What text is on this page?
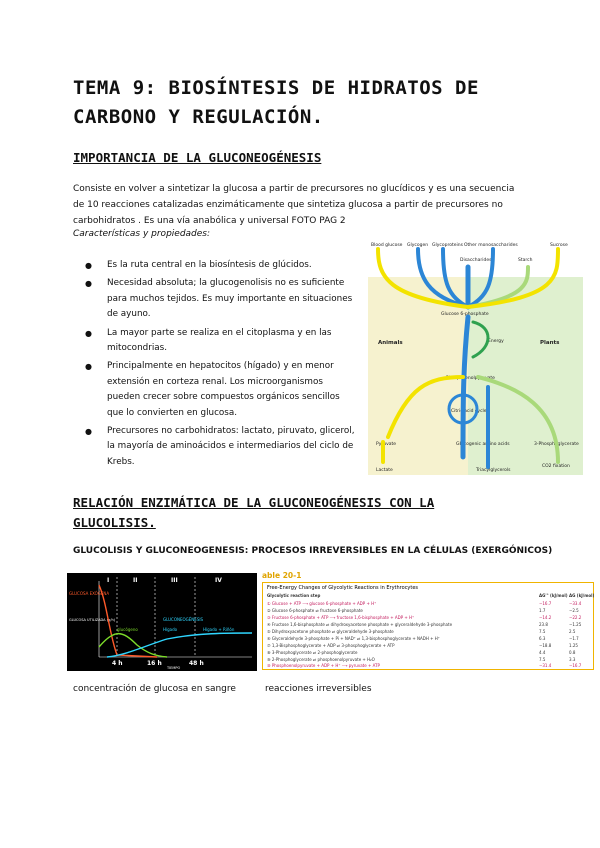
TEMA 9: BIOSÍNTESIS DE HIDRATOS DE CARBONO Y REGULACIÓN.
IMPORTANCIA DE LA GLUCONEOGÉNESIS
Consiste en volver a sintetizar la glucosa a partir de precursores no glucídicos y es una secuencia de 10 reacciones catalizadas enzimáticamente que sintetiza glucosa a partir de precursores no carbohidratos . Es una vía anabólica y universal FOTO PAG 2
Características y propiedades:
● Es la ruta central en la biosíntesis de glúcidos.
● Necesidad absoluta; la glucogenolisis no es suficiente para muchos tejidos. Es muy importante en situaciones de ayuno.
● La mayor parte se realiza en el citoplasma y en las mitocondrias.
● Principalmente en hepatocitos (hígado) y en menor extensión en corteza renal. Los microorganismos pueden crecer sobre compuestos orgánicos sencillos que lo convierten en glucosa.
● Precursores no carbohidratos: lactato, piruvato, glicerol, la mayoría de aminoácidos e intermediarios del ciclo de Krebs.
Blood glucose Glycogen Glycoproteins Other monosaccharides
Disaccharides	Starch
Sucrose
Glucose 6-phosphate
Energy
Phosphoenolpyruvate
Citric acid cycle
Glucogenic amino acids
Pyruvate
Lactate	Triacylglycerols
3-Phosphoglycerate
CO2 fixation
Animals	Plants
RELACIÓN ENZIMÁTICA DE LA GLUCONEOGÉNESIS CON LA GLUCOLISIS.
GLUCOLISIS Y GLUCONEOGENESIS: PROCESOS IRREVERSIBLES EN LA CÉLULAS (EXERGÓNICOS)
I	II	III	IV
4 h	16 h	48 h
GLUCOSA EXÓGENA
glucógeno
GLUCONEOGÉNESIS
Hígado	Hígado + Riñón
GLUCOSA UTILIZADA (g/h)
TIEMPO
able 20-1
Free-Energy Changes of Glycolytic Reactions in Erythrocytes
Glycolytic reaction step	ΔG'° (kJ/mol) ΔG (kJ/mol)
① Glucose + ATP ⟶ glucose 6-phosphate + ADP + H⁺	−16.7	−33.4
② Glucose 6-phosphate ⇌ fructose 6-phosphate	1.7	−2.5
③ Fructose 6-phosphate + ATP ⟶ fructose 1,6-bisphosphate + ADP + H⁺	−14.2	−22.2
④ Fructose 1,6-bisphosphate ⇌ dihydroxyacetone phosphate + glyceraldehyde 3-phosphate	23.8	−1.25
⑤ Dihydroxyacetone phosphate ⇌ glyceraldehyde 3-phosphate	7.5	2.5
⑥ Glyceraldehyde 3-phosphate + Pi + NAD⁺ ⇌ 1,3-bisphosphoglycerate + NADH + H⁺	6.3	−1.7
⑦ 1,3-Bisphosphoglycerate + ADP ⇌ 3-phosphoglycerate + ATP	−18.8	1.25
⑧ 3-Phosphoglycerate ⇌ 2-phosphoglycerate	4.4	0.8
⑨ 2-Phosphoglycerate ⇌ phosphoenolpyruvate + H₂O	7.5	3.3
⑩ Phosphoenolpyruvate + ADP + H⁺ ⟶ pyruvate + ATP	−31.4	−16.7
concentración de glucosa en sangre	reacciones irreversibles
